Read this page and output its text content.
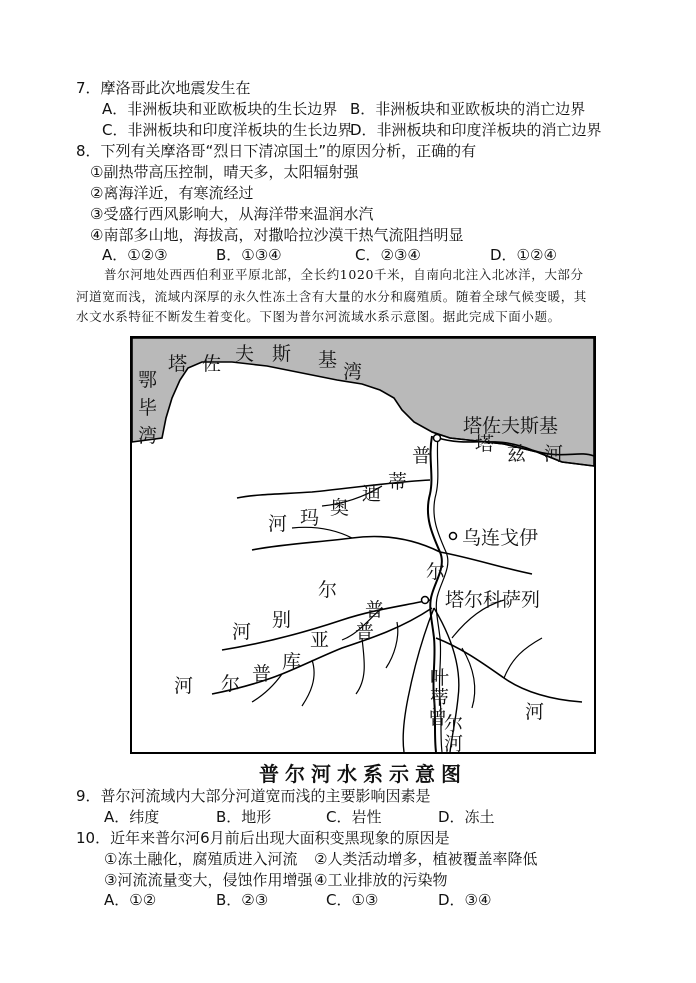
7．摩洛哥此次地震发生在
A．非洲板块和亚欧板块的生长边界 B．非洲板块和亚欧板块的消亡边界
C．非洲板块和印度洋板块的生长边界
D．非洲板块和印度洋板块的消亡边界
8．下列有关摩洛哥“烈日下清凉国土”的原因分析，正确的有
①副热带高压控制，晴天多，太阳辐射强
②离海洋近，有寒流经过
③受盛行西风影响大，从海洋带来温润水汽
④南部多山地，海拔高，对撒哈拉沙漠干热气流阻挡明显
A．①②③	B．①③④	C．②③④	D．①②④
普尔河地处西西伯利亚平原北部，全长约1020千米，自南向北注入北冰洋，大部分
河道宽而浅，流域内深厚的永久性冻土含有大量的水分和腐殖质。随着全球气候变暖，其
水文水系特征不断发生着变化。下图为普尔河流域水系示意图。据此完成下面小题。
塔 佐 夫 斯 基
湾
鄂
毕
湾	塔佐夫斯基
乌连戈伊
塔尔科萨列
塔 兹 河
普
蒂
尔
河 玛 奥
迪
河
别
尔
普
普
亚
库
普
尔
河	叶
蒂
曾
尔
河
河
普尔河水系示意图
9．普尔河流域内大部分河道宽而浅的主要影响因素是
A．纬度	B．地形	C．岩性	D．冻土
10．近年来普尔河6月前后出现大面积变黑现象的原因是
①冻土融化，腐殖质进入河流 ②人类活动增多，植被覆盖率降低
③河流流量变大，侵蚀作用增强 ④工业排放的污染物
A．①②	B．②③	C．①③	D．③④
